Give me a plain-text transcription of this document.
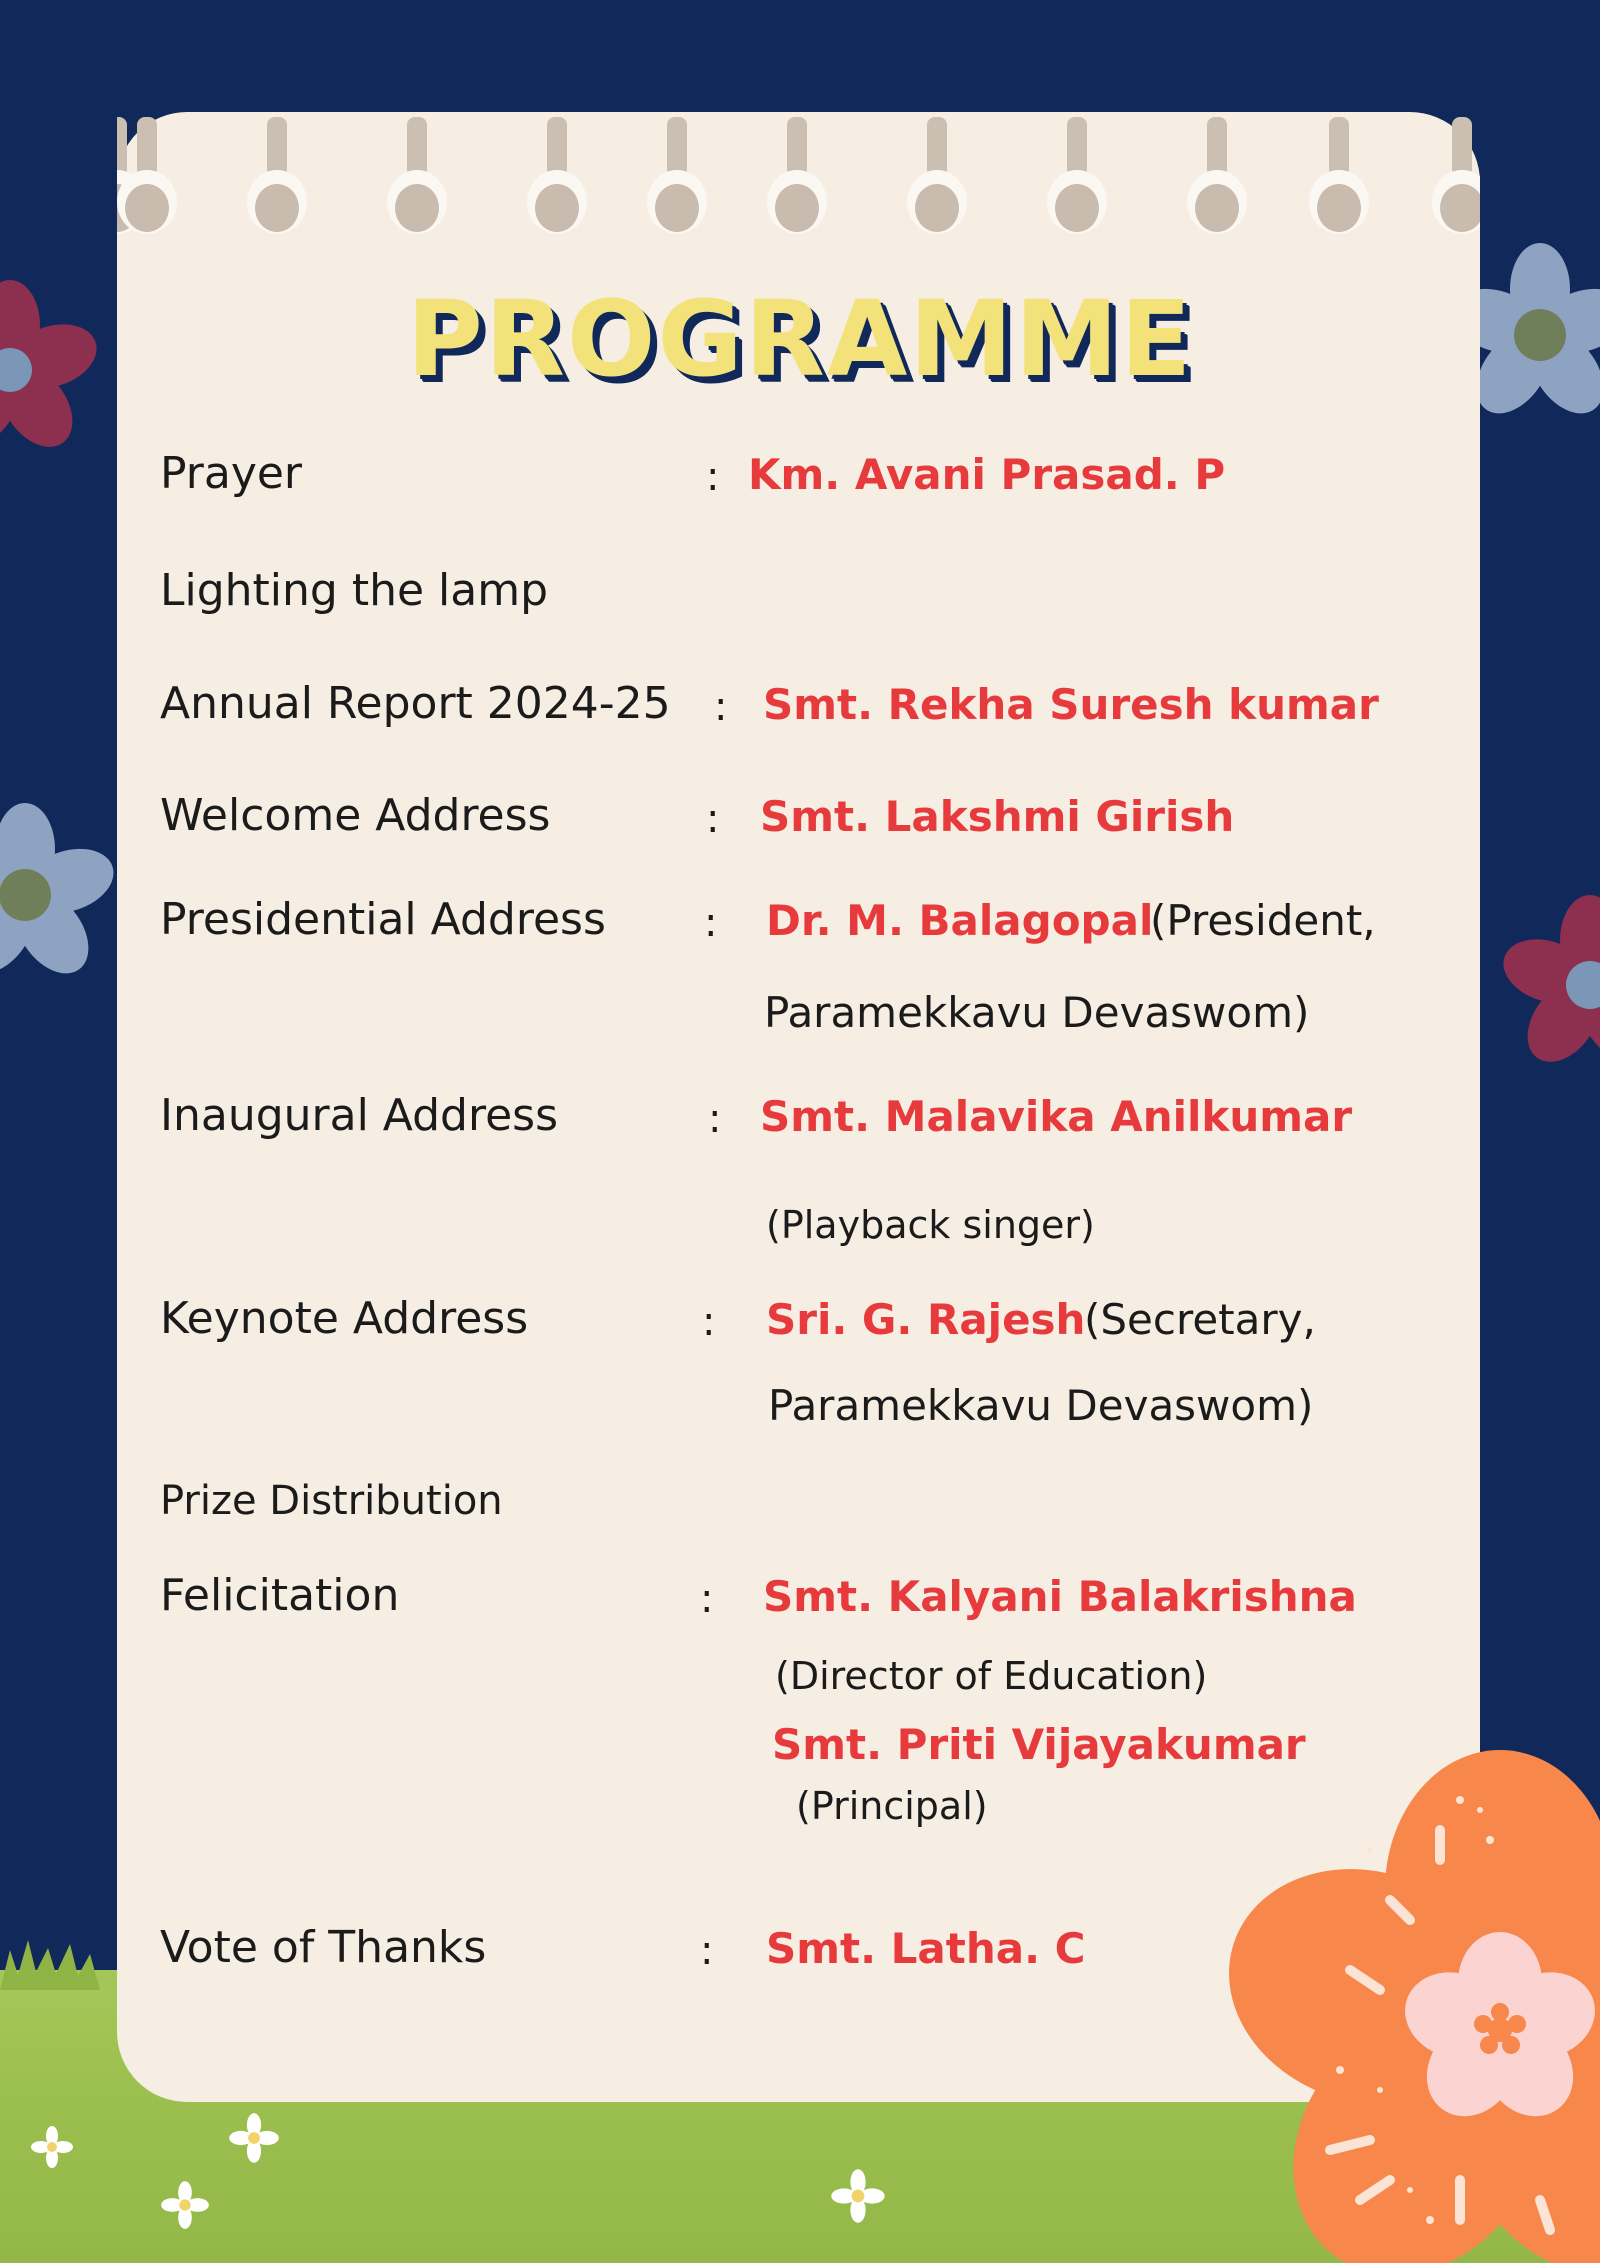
PROGRAMME
Prayer	: Km. Avani Prasad. P
Lighting the lamp
Annual Report 2024-25 : Smt. Rekha Suresh kumar
Welcome Address	: Smt. Lakshmi Girish
Presidential Address : Dr. M. Balagopal
(President,
Paramekkavu Devaswom)
Inaugural Address	: Smt. Malavika Anilkumar
(Playback singer)
Keynote Address	: Sri. G. Rajesh
(Secretary,
Paramekkavu Devaswom)
Prize Distribution
Felicitation	: Smt. Kalyani Balakrishna
(Director of Education)
Smt. Priti Vijayakumar
(Principal)
Vote of Thanks	: Smt. Latha. C
